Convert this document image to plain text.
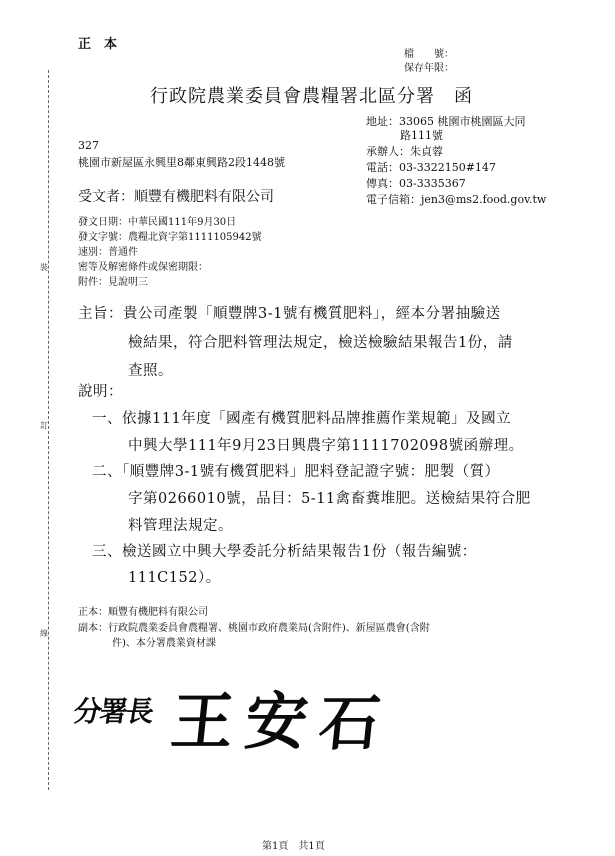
裝
訂
線
正　本
檔　　號：
保存年限：
行政院農業委員會農糧署北區分署　函
地址：33065 桃園市桃園區大同
路111號
承辦人：朱貞蓉
電話：03-3322150#147
傳真：03-3335367
電子信箱：jen3@ms2.food.gov.tw
327
桃園市新屋區永興里8鄰東興路2段1448號
受文者：順豐有機肥料有限公司
發文日期：中華民國111年9月30日
發文字號：農糧北資字第1111105942號
速別：普通件
密等及解密條件或保密期限：
附件：見說明三
主旨：貴公司產製「順豐牌3-1號有機質肥料」，經本分署抽驗送
檢結果，符合肥料管理法規定，檢送檢驗結果報告1份，請
查照。
說明：
一、依據111年度「國產有機質肥料品牌推薦作業規範」及國立
中興大學111年9月23日興農字第1111702098號函辦理。
二、「順豐牌3-1號有機質肥料」肥料登記證字號：肥製（質）
字第0266010號，品目：5-11禽畜糞堆肥。送檢結果符合肥
料管理法規定。
三、檢送國立中興大學委託分析結果報告1份（報告編號：
111C152）。
正本：順豐有機肥料有限公司
副本：行政院農業委員會農糧署、桃園市政府農業局(含附件)、新屋區農會(含附
件)、本分署農業資材課
分署長 王 安 石
第1頁　共1頁
